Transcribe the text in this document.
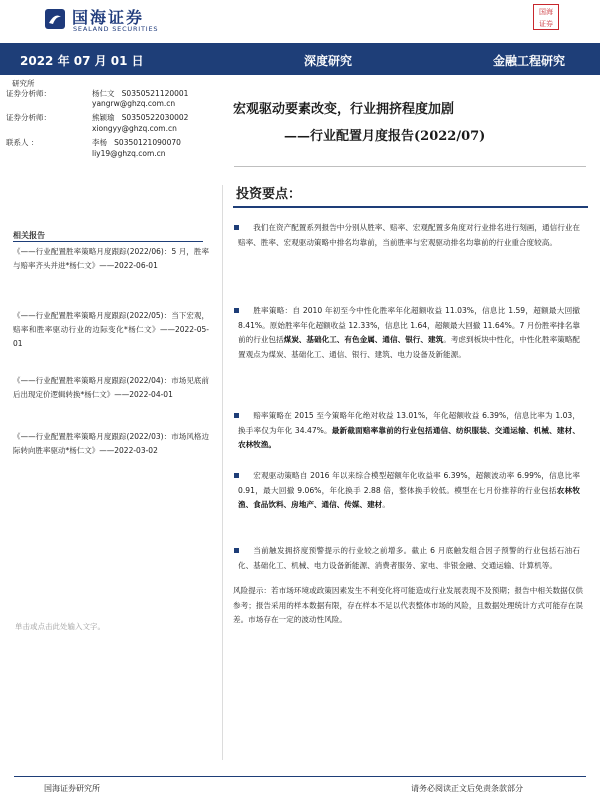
国海证券
SEALAND SECURITIES
国海
证券
2022 年 07 月 01 日	深度研究	金融工程研究
研究所
证券分析师：	杨仁文 S0350521120001
yangrw@ghzq.com.cn
证券分析师：	熊颖瑜 S0350522030002
xiongyy@ghzq.com.cn
联系人 ：	李杨 S0350121090070
liy19@ghzq.com.cn
宏观驱动要素改变，行业拥挤程度加剧
——行业配置月度报告(2022/07)
投资要点：

我们在资产配置系列报告中分别从胜率、赔率、宏观配置多角度对行业排名进行刻画，通信行业在赔率、胜率、宏观驱动策略中排名均靠前，当前胜率与宏观驱动排名均靠前的行业重合度较高。

胜率策略：自 2010 年初至今中性化胜率年化超额收益 11.03%，信息比 1.59，超额最大回撤 8.41%。原始胜率年化超额收益 12.33%，信息比 1.64，超额最大回撤 11.64%。7 月份胜率排名靠前的行业包括煤炭、基础化工、有色金属、通信、银行、建筑。考虑到板块中性化，中性化胜率策略配置观点为煤炭、基础化工、通信、银行、建筑、电力设备及新能源。

赔率策略在 2015 至今策略年化绝对收益 13.01%，年化超额收益 6.39%，信息比率为 1.03，换手率仅为年化 34.47%。最新截面赔率靠前的行业包括通信、纺织服装、交通运输、机械、建材、农林牧渔。

宏观驱动策略自 2016 年以来综合模型超额年化收益率 6.39%，超额波动率 6.99%，信息比率 0.91，最大回撤 9.06%，年化换手 2.88 倍，整体换手较低。模型在七月份推荐的行业包括农林牧渔、食品饮料、房地产、通信、传媒、建材。

当前触发拥挤度预警提示的行业较之前增多。截止 6 月底触发组合因子预警的行业包括石油石化、基础化工、机械、电力设备新能源、消费者服务、家电、非银金融、交通运输、计算机等。

风险提示：若市场环境或政策因素发生不利变化将可能造成行业发展表现不及预期；报告中相关数据仅供参考；报告采用的样本数据有限，存在样本不足以代表整体市场的风险，且数据处理统计方式可能存在误差。市场存在一定的波动性风险。
相关报告
《——行业配置胜率策略月度跟踪(2022/06)：5 月，胜率与赔率齐头并进*杨仁文》——2022-06-01
《——行业配置胜率策略月度跟踪(2022/05)：当下宏观，赔率和胜率驱动行业的边际变化*杨仁文》——2022-05-01
《——行业配置胜率策略月度跟踪(2022/04)：市场见底前后出现定价逻辑转换*杨仁文》——2022-04-01
《——行业配置胜率策略月度跟踪(2022/03)：市场风格边际转向胜率驱动*杨仁文》——2022-03-02
单击或点击此处输入文字。
国海证券研究所	请务必阅读正文后免责条款部分
